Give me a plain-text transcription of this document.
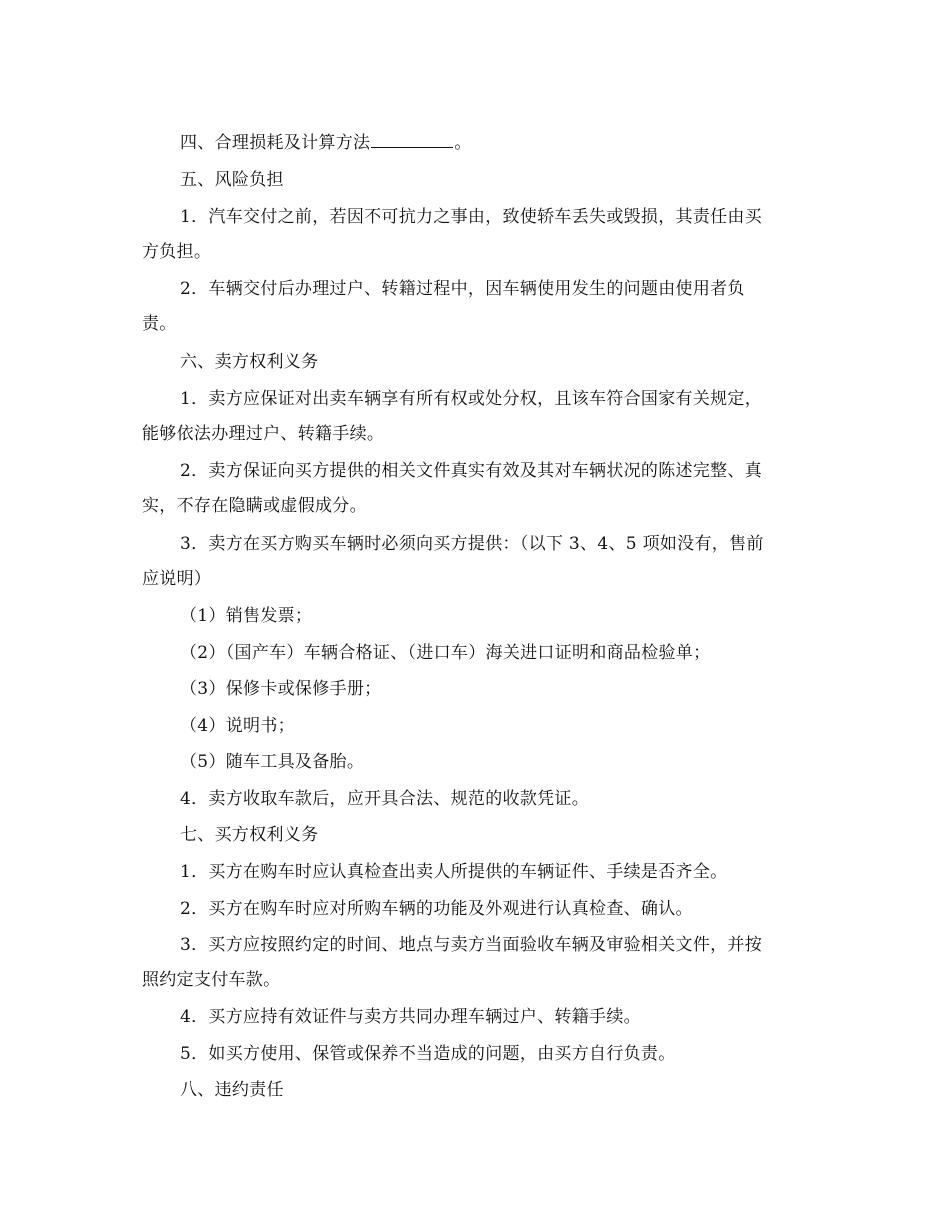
四、合理损耗及计算方法	。
五、风险负担
1．汽车交付之前，若因不可抗力之事由，致使轿车丢失或毁损，其责任由买
方负担。
2．车辆交付后办理过户、转籍过程中，因车辆使用发生的问题由使用者负
责。
六、卖方权利义务
1．卖方应保证对出卖车辆享有所有权或处分权，且该车符合国家有关规定，
能够依法办理过户、转籍手续。
2．卖方保证向买方提供的相关文件真实有效及其对车辆状况的陈述完整、真
实，不存在隐瞒或虚假成分。
3．卖方在买方购买车辆时必须向买方提供：（以下 3、4、5 项如没有，售前
应说明）
（1）销售发票；
（2）（国产车）车辆合格证、（进口车）海关进口证明和商品检验单；
（3）保修卡或保修手册；
（4）说明书；
（5）随车工具及备胎。
4．卖方收取车款后，应开具合法、规范的收款凭证。
七、买方权利义务
1．买方在购车时应认真检查出卖人所提供的车辆证件、手续是否齐全。
2．买方在购车时应对所购车辆的功能及外观进行认真检查、确认。
3．买方应按照约定的时间、地点与卖方当面验收车辆及审验相关文件，并按
照约定支付车款。
4．买方应持有效证件与卖方共同办理车辆过户、转籍手续。
5．如买方使用、保管或保养不当造成的问题，由买方自行负责。
八、违约责任
